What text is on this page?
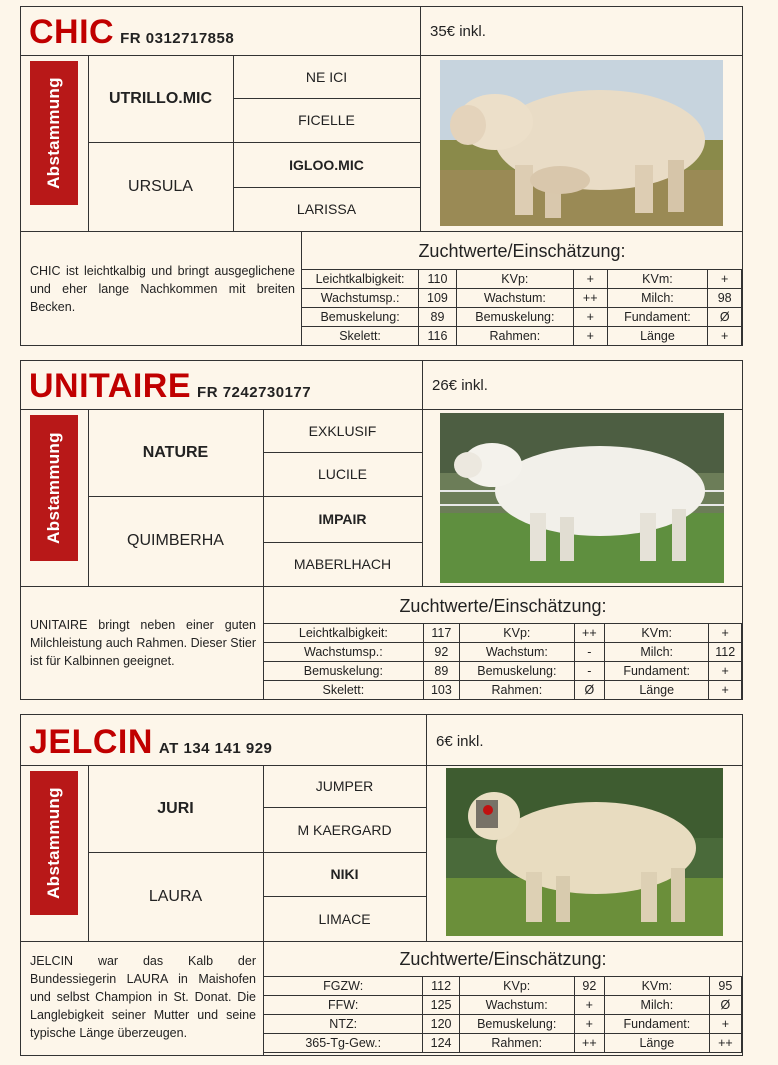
CHIC FR 0312717858	35€ inkl.
Abstammung	UTRILLO.MIC
URSULA
NE ICI
FICELLE
IGLOO.MIC
LARISSA
CHIC ist leichtkalbig und bringt ausgeglichene und eher lange Nachkommen mit breiten Becken.
Zuchtwerte/Einschätzung:
Leichtkalbigkeit:	110	KVp:	+	KVm:	+
Wachstumsp.:	109	Wachstum:	++	Milch:	98
Bemuskelung:	89	Bemuskelung:	+	Fundament:	Ø
Skelett:	116	Rahmen:	+	Länge	+
UNITAIRE FR 7242730177	26€ inkl.
Abstammung	NATURE
QUIMBERHA
EXKLUSIF
LUCILE
IMPAIR
MABERLHACH
UNITAIRE bringt neben einer guten Milchleistung auch Rahmen. Dieser Stier ist für Kalbinnen geeignet.
Zuchtwerte/Einschätzung:
Leichtkalbigkeit:	117	KVp:	++	KVm:	+
Wachstumsp.:	92	Wachstum:	-	Milch:	112
Bemuskelung:	89	Bemuskelung:	-	Fundament:	+
Skelett:	103	Rahmen:	Ø	Länge	+
JELCIN AT 134 141 929	6€ inkl.
Abstammung	JURI
LAURA
JUMPER
M KAERGARD
NIKI
LIMACE
JELCIN war das Kalb der Bundessiegerin LAURA in Maishofen und selbst Champion in St. Donat. Die Langlebigkeit seiner Mutter und seine typische Länge überzeugen.
Zuchtwerte/Einschätzung:
FGZW:	112	KVp:	92	KVm:	95
FFW:	125	Wachstum:	+	Milch:	Ø
NTZ:	120	Bemuskelung:	+	Fundament:	+
365-Tg-Gew.:	124	Rahmen:	++	Länge	++
